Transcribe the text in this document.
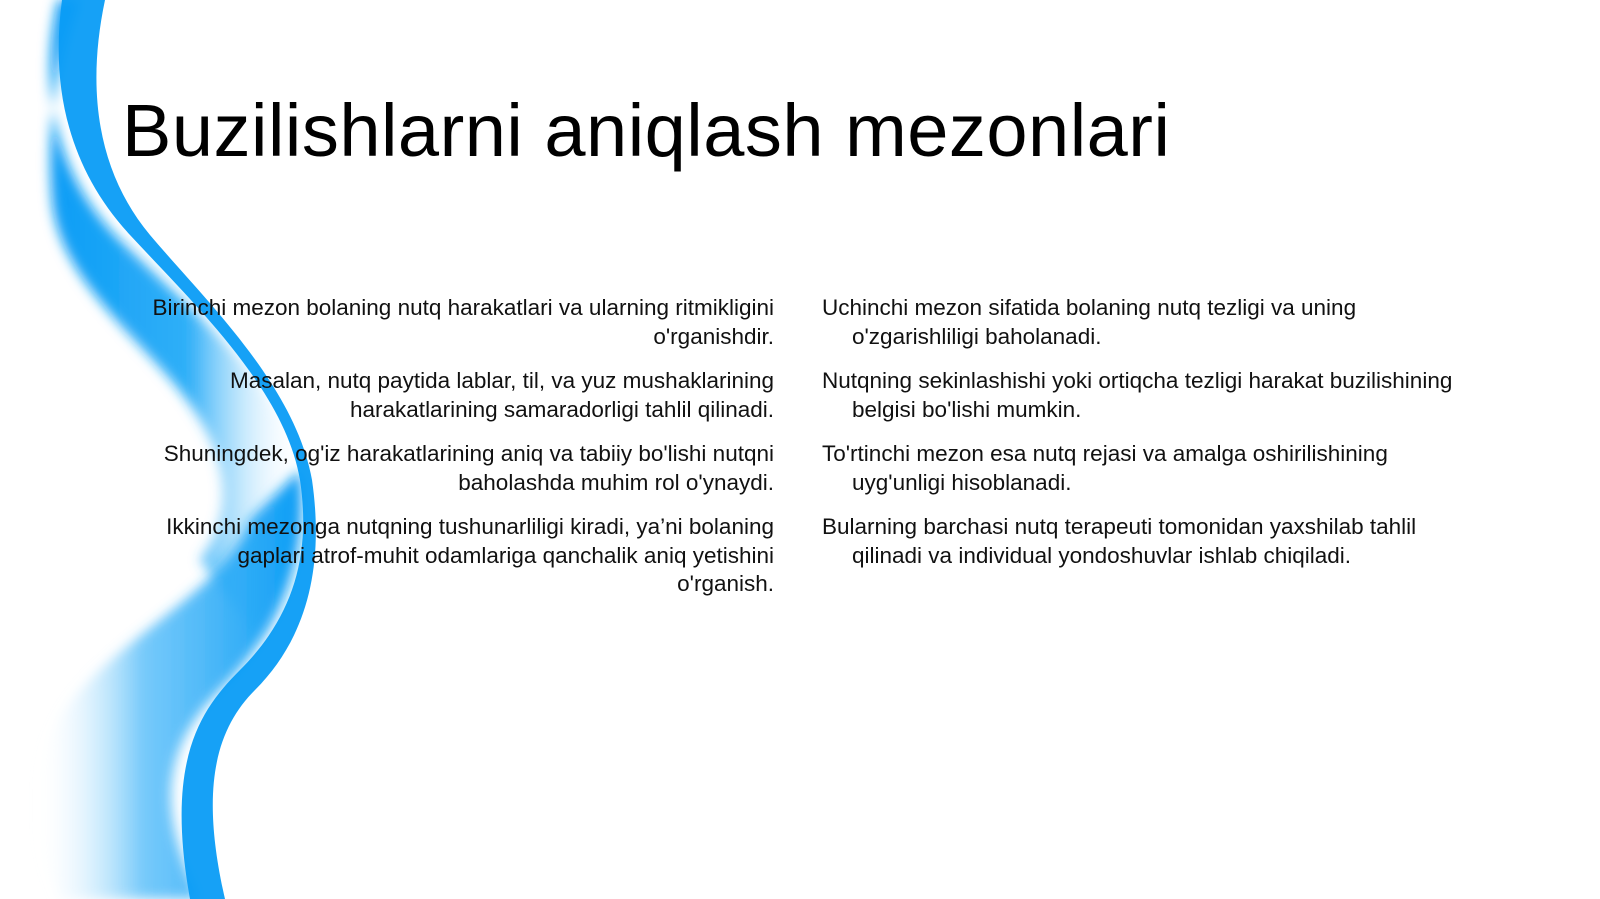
Buzilishlarni aniqlash mezonlari

Birinchi mezon bolaning nutq harakatlari va ularning ritmikligini o'rganishdir.

Masalan, nutq paytida lablar, til, va yuz mushaklarining harakatlarining samaradorligi tahlil qilinadi.

Shuningdek, og'iz harakatlarining aniq va tabiiy bo'lishi nutqni baholashda muhim rol o'ynaydi.

Ikkinchi mezonga nutqning tushunarliligi kiradi, ya’ni bolaning gaplari atrof-muhit odamlariga qanchalik aniq yetishini o'rganish.

Uchinchi mezon sifatida bolaning nutq tezligi va uning o'zgarishliligi baholanadi.

Nutqning sekinlashishi yoki ortiqcha tezligi harakat buzilishining belgisi bo'lishi mumkin.

To'rtinchi mezon esa nutq rejasi va amalga oshirilishining uyg'unligi hisoblanadi.

Bularning barchasi nutq terapeuti tomonidan yaxshilab tahlil qilinadi va individual yondoshuvlar ishlab chiqiladi.
